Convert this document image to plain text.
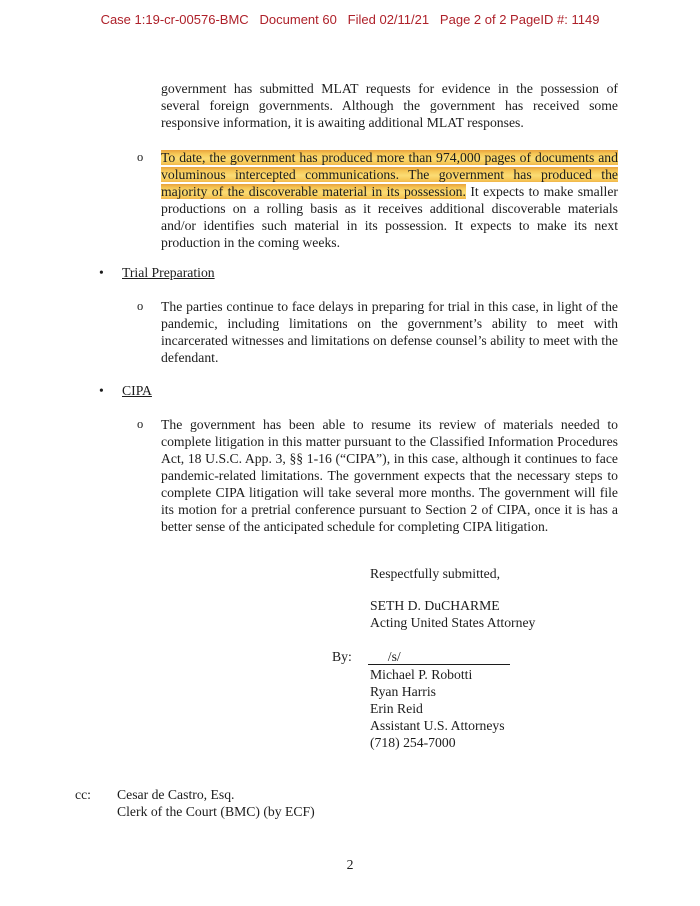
Case 1:19-cr-00576-BMC   Document 60   Filed 02/11/21   Page 2 of 2 PageID #: 1149
government has submitted MLAT requests for evidence in the possession of several foreign governments. Although the government has received some responsive information, it is awaiting additional MLAT responses.
o	To date, the government has produced more than 974,000 pages of documents and voluminous intercepted communications. The government has produced the majority of the discoverable material in its possession. It expects to make smaller productions on a rolling basis as it receives additional discoverable materials and/or identifies such material in its possession. It expects to make its next production in the coming weeks.
•	Trial Preparation
o	The parties continue to face delays in preparing for trial in this case, in light of the pandemic, including limitations on the government’s ability to meet with incarcerated witnesses and limitations on defense counsel’s ability to meet with the defendant.
•	CIPA
o	The government has been able to resume its review of materials needed to complete litigation in this matter pursuant to the Classified Information Procedures Act, 18 U.S.C. App. 3, §§ 1-16 (“CIPA”), in this case, although it continues to face pandemic-related limitations. The government expects that the necessary steps to complete CIPA litigation will take several more months. The government will file its motion for a pretrial conference pursuant to Section 2 of CIPA, once it is has a better sense of the anticipated schedule for completing CIPA litigation.
Respectfully submitted,
SETH D. DuCHARME
Acting United States Attorney
By:	/s/
Michael P. Robotti
Ryan Harris
Erin Reid
Assistant U.S. Attorneys
(718) 254-7000
cc:	Cesar de Castro, Esq.
Clerk of the Court (BMC) (by ECF)
2
